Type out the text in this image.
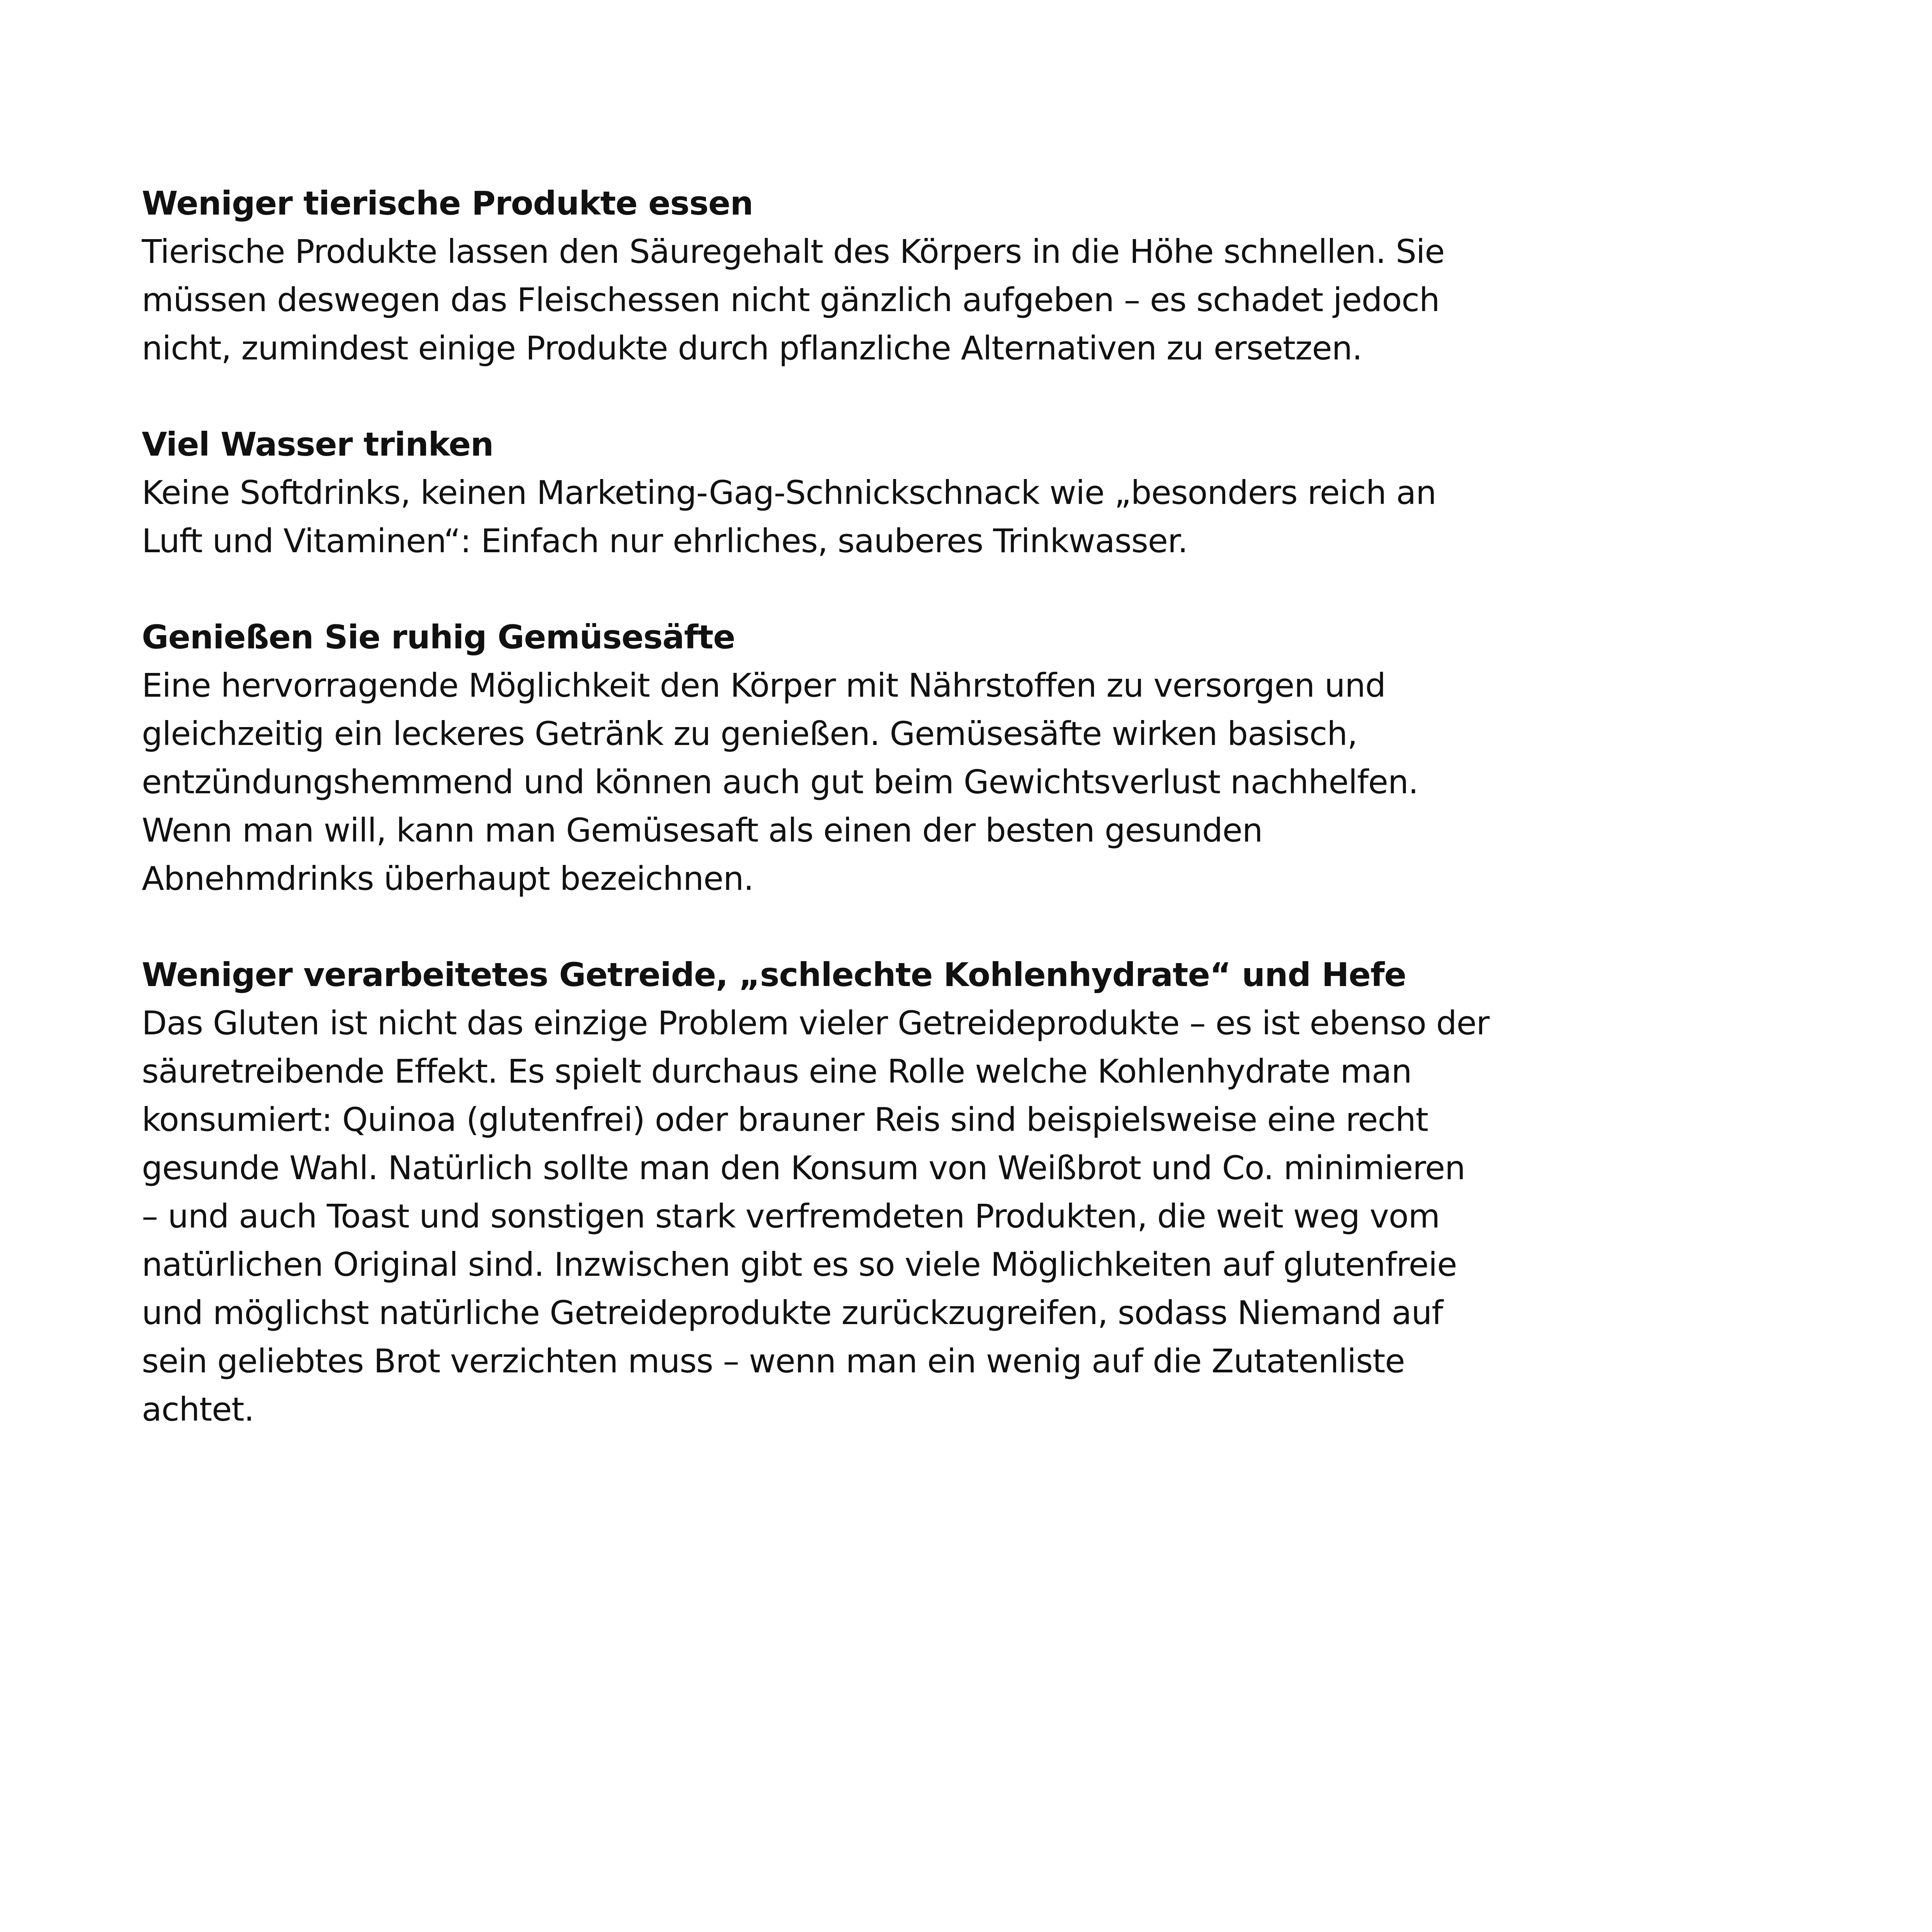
Weniger tierische Produkte essen
Tierische Produkte lassen den Säuregehalt des Körpers in die Höhe schnellen. Sie
müssen deswegen das Fleischessen nicht gänzlich aufgeben – es schadet jedoch
nicht, zumindest einige Produkte durch pflanzliche Alternativen zu ersetzen.
Viel Wasser trinken
Keine Softdrinks, keinen Marketing-Gag-Schnickschnack wie „besonders reich an
Luft und Vitaminen“: Einfach nur ehrliches, sauberes Trinkwasser.
Genießen Sie ruhig Gemüsesäfte
Eine hervorragende Möglichkeit den Körper mit Nährstoffen zu versorgen und
gleichzeitig ein leckeres Getränk zu genießen. Gemüsesäfte wirken basisch,
entzündungshemmend und können auch gut beim Gewichtsverlust nachhelfen.
Wenn man will, kann man Gemüsesaft als einen der besten gesunden
Abnehmdrinks überhaupt bezeichnen.
Weniger verarbeitetes Getreide, „schlechte Kohlenhydrate“ und Hefe
Das Gluten ist nicht das einzige Problem vieler Getreideprodukte – es ist ebenso der
säuretreibende Effekt. Es spielt durchaus eine Rolle welche Kohlenhydrate man
konsumiert: Quinoa (glutenfrei) oder brauner Reis sind beispielsweise eine recht
gesunde Wahl. Natürlich sollte man den Konsum von Weißbrot und Co. minimieren
– und auch Toast und sonstigen stark verfremdeten Produkten, die weit weg vom
natürlichen Original sind. Inzwischen gibt es so viele Möglichkeiten auf glutenfreie
und möglichst natürliche Getreideprodukte zurückzugreifen, sodass Niemand auf
sein geliebtes Brot verzichten muss – wenn man ein wenig auf die Zutatenliste
achtet.
